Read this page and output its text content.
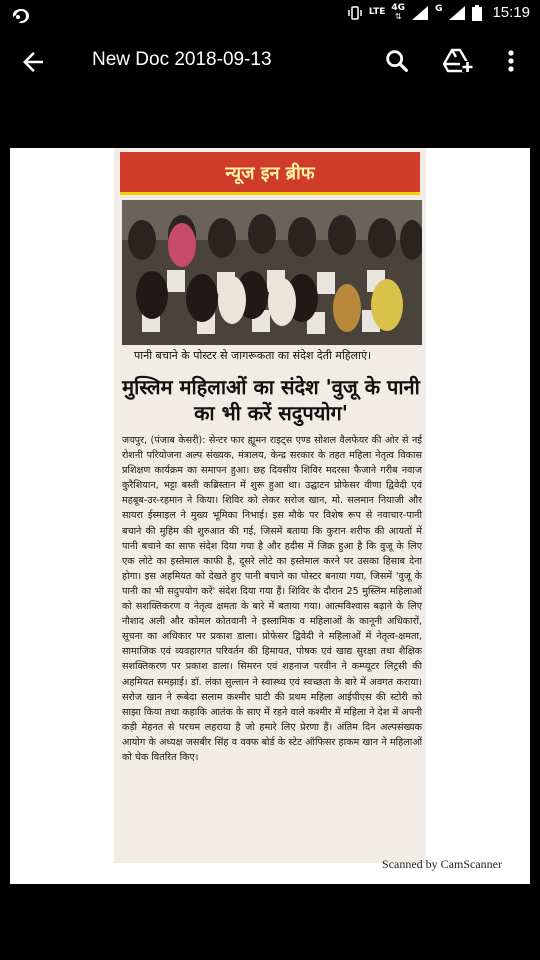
LTE 4G
⇅
G	15:19
New Doc 2018-09-13
न्यूज इन ब्रीफ
पानी बचाने के पोस्टर से जागरूकता का संदेश देती महिलाएं।
मुस्लिम महिलाओं का संदेश 'वुजू के पानी का भी करें सदुपयोग'
जयपुर, (पंजाब केसरी): सेन्टर फार ह्यूमन राइट्स एण्ड सोशल वैलफेयर की ओर से नई रोशनी परियोजना अल्प संख्यक, मंत्रालय, केन्द्र सरकार के तहत महिला नेतृत्व विकास प्रशिक्षण कार्यक्रम का समापन हुआ। छह दिवसीय शिविर मदरसा फैजाने गरीब नवाज कुरैशियान, भट्टा बस्ती कब्रिस्तान में शुरू हुआ था। उद्घाटन प्रोफेसर वीणा द्विवेदी एवं महबूब-उर-रहमान ने किया। शिविर को लेकर सरोज खान, मो. सलमान नियाजी और सायरा ईस्माइल ने मुख्य भूमिका निभाई। इस मौके पर विशेष रूप से नवाचार-पानी बचाने की मुहिम की शुरुआत की गई, जिसमें बताया कि कुरान शरीफ की आयतों में पानी बचाने का साफ संदेश दिया गया है और हदीस में जिक्र हुआ है कि वुजू के लिए एक लोटे का इस्तेमाल काफी है, दूसरे लोटे का इस्तेमाल करने पर उसका हिसाब देना होगा। इस अहमियत को देखते हुए पानी बचाने का पोस्टर बनाया गया, जिसमें 'वुजू के पानी का भी सदुपयोग करें' संदेश दिया गया हैं। शिविर के दौरान 25 मुस्लिम महिलाओं को सशक्तिकरण व नेतृत्व क्षमता के बारे में बताया गया। आत्मविश्वास बढ़ाने के लिए नौशाद अली और कोमल कोतवानी ने इस्लामिक व महिलाओं के कानूनी अधिकारों, सूचना का अधिकार पर प्रकाश डाला। प्रोफेसर द्विवेदी ने महिलाओं में नेतृत्व-क्षमता, सामाजिक एवं व्यवहारगत परिवर्तन की हिमायत, पोषक एवं खाद्य सुरक्षा तथा शैक्षिक सशक्तिकरण पर प्रकाश डाला। सिमरन एवं शहनाज परवीन ने कम्प्यूटर लिट्रसी की अहमियत समझाई। डॉ. लंका सुल्तान ने स्वास्थ्य एवं स्वच्छता के बारे में अवगत कराया। सरोज खान ने रूबेदा सलाम कश्मीर घाटी की प्रथम महिला आईपीएस की स्टोरी को साझा किया तथा कहाकि आतंक के साए में रहने वाले कश्मीर में महिला ने देश में अपनी कड़ी मेहनत से परचम लहराया है जो हमारे लिए प्रेरणा हैं। अंतिम दिन अल्पसंख्यक आयोग के अध्यक्ष जसबीर सिंह व वक्फ बोर्ड के स्टेट ऑफिसर हाकम खान ने महिलाओं को चेक वितरित किए।
Scanned by CamScanner
